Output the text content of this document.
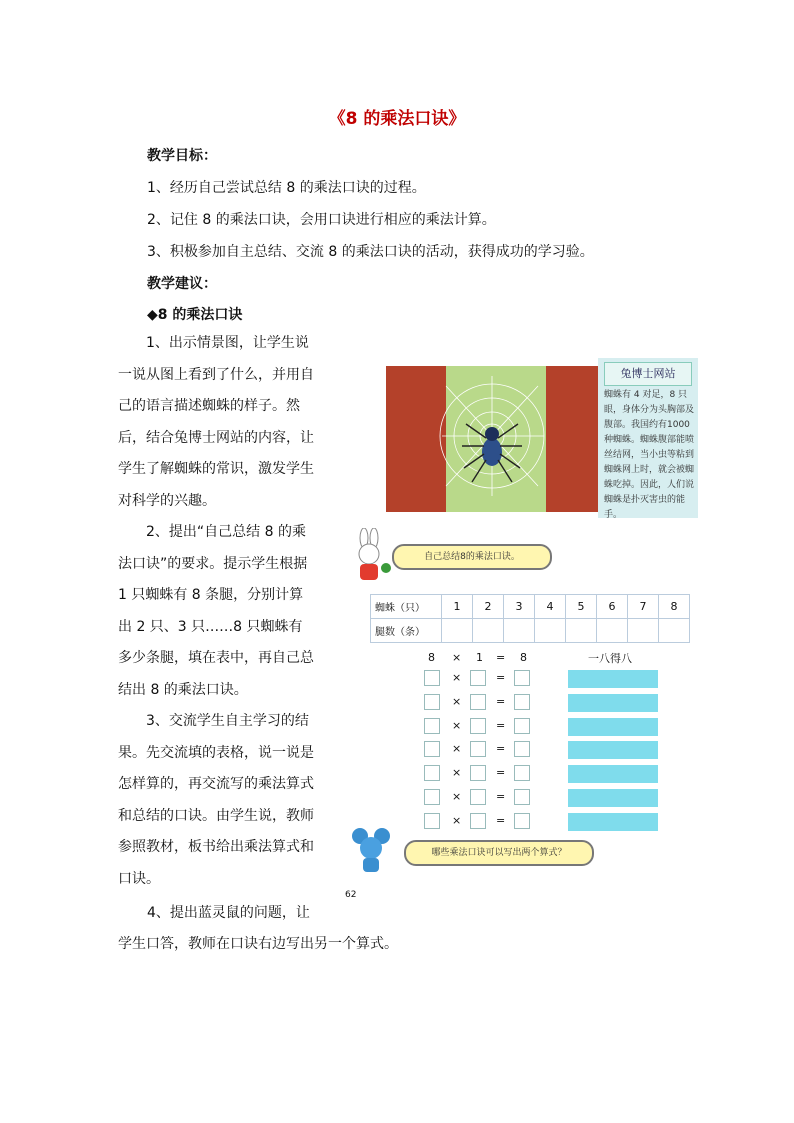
《8 的乘法口诀》
教学目标：
1、经历自己尝试总结 8 的乘法口诀的过程。
2、记住 8 的乘法口诀，会用口诀进行相应的乘法计算。
3、积极参加自主总结、交流 8 的乘法口诀的活动，获得成功的学习验。
教学建议：
◆8 的乘法口诀

1、出示情景图，让学生说一说从图上看到了什么，并用自己的语言描述蜘蛛的样子。然后，结合兔博士网站的内容，让学生了解蜘蛛的常识，激发学生对科学的兴趣。

2、提出“自己总结 8 的乘法口诀”的要求。提示学生根据 1 只蜘蛛有 8 条腿，分别计算出 2 只、3 只……8 只蜘蛛有多少条腿，填在表中，再自己总结出 8 的乘法口诀。

3、交流学生自主学习的结果。先交流填的表格，说一说是怎样算的，再交流写的乘法算式和总结的口诀。由学生说，教师参照教材，板书给出乘法算式和口诀。

4、提出蓝灵鼠的问题，让
学生口答，教师在口诀右边写出另一个算式。
兔博士网站
蜘蛛有 4 对足，8 只眼，身体分为头胸部及腹部。我国约有1000 种蜘蛛。蜘蛛腹部能喷丝结网，当小虫等粘到蜘蛛网上时，就会被蜘蛛吃掉。因此，人们说蜘蛛是扑灭害虫的能手。
自己总结8的乘法口诀。
蜘蛛（只）	1	2	3	4	5	6	7	8
腿数（条）								
8 × 1 = 8	一八得八
×	=
×	=
×	=
×	=
×	=
×	=
×	=
哪些乘法口诀可以写出两个算式？
62
